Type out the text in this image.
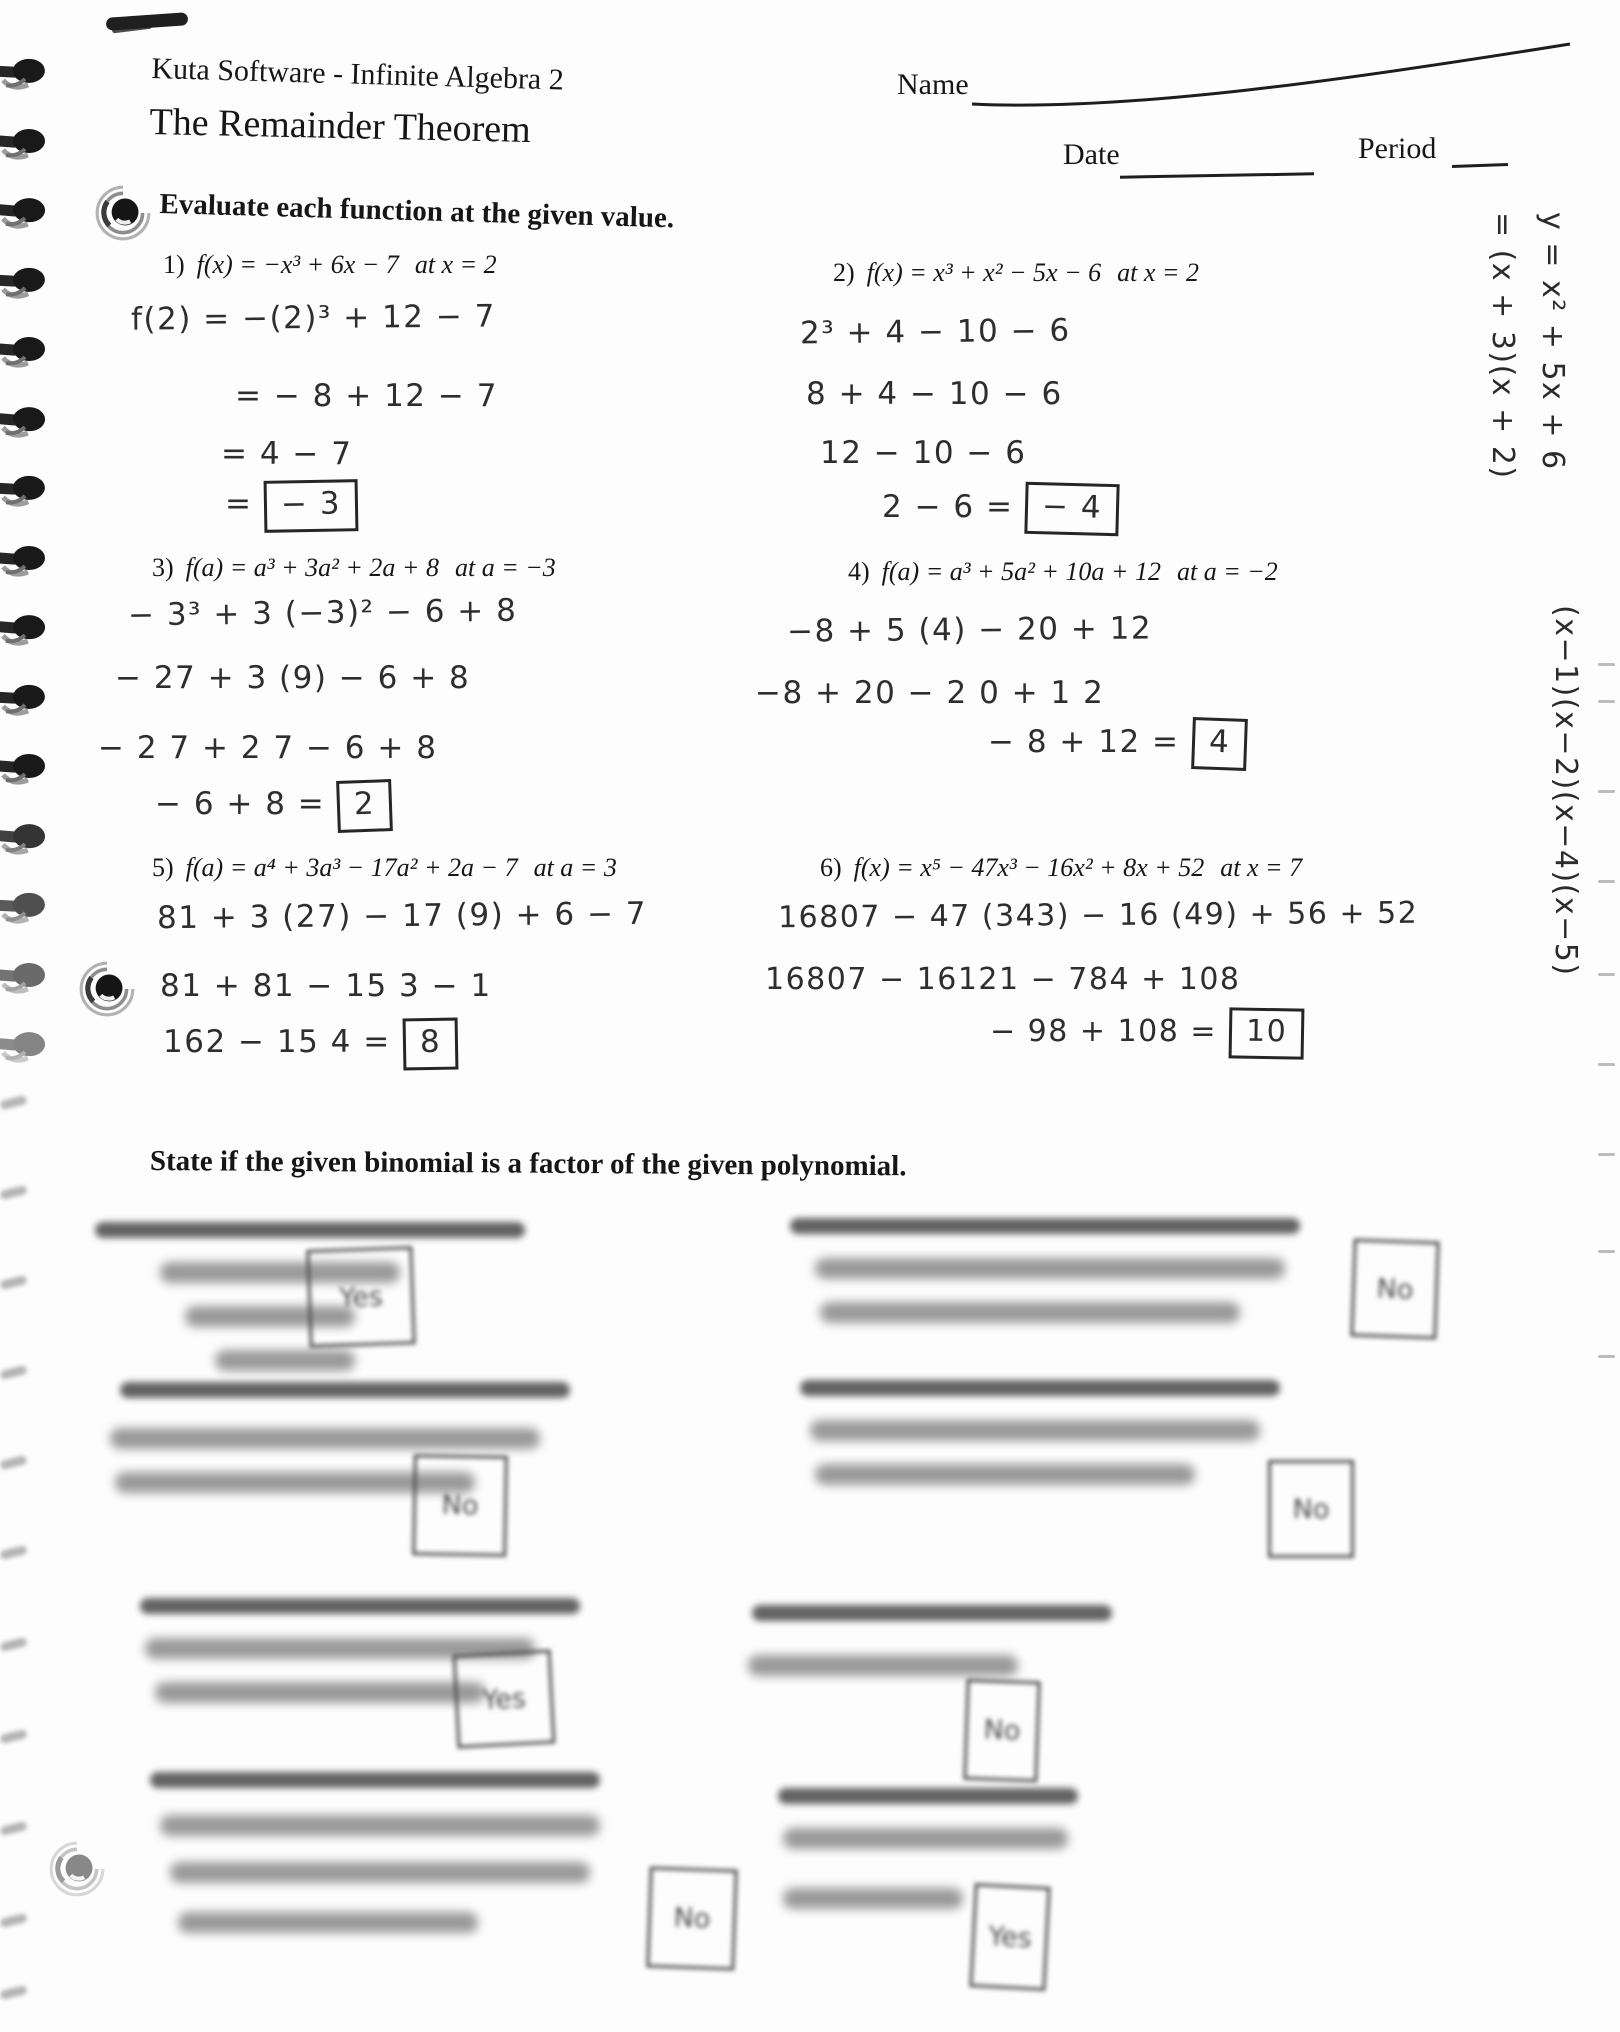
Kuta Software - Infinite Algebra 2
The Remainder Theorem
Name
Date	Period
Evaluate each function at the given value.
1) f(x) = −x³ + 6x − 7 at x = 2
f(2) = −(2)³ + 12 − 7
= − 8 + 12 − 7
= 4 − 7
= − 3
2) f(x) = x³ + x² − 5x − 6 at x = 2
2³ + 4 − 10 − 6
8 + 4 − 10 − 6
12 − 10 − 6
2 − 6 = − 4
3) f(a) = a³ + 3a² + 2a + 8 at a = −3
− 3³ + 3 (−3)² − 6 + 8
− 27 + 3 (9) − 6 + 8
− 2 7 + 2 7 − 6 + 8
− 6 + 8 = 2
4) f(a) = a³ + 5a² + 10a + 12 at a = −2
−8 + 5 (4) − 20 + 12
−8 + 20 − 2 0 + 1 2
− 8 + 12 = 4
5) f(a) = a⁴ + 3a³ − 17a² + 2a − 7 at a = 3
81 + 3 (27) − 17 (9) + 6 − 7
81 + 81 − 15 3 − 1
162 − 15 4 = 8
6) f(x) = x⁵ − 47x³ − 16x² + 8x + 52 at x = 7
16807 − 47 (343) − 16 (49) + 56 + 52
16807 − 16121 − 784 + 108
− 98 + 108 = 10
y = x² + 5x + 6
= (x + 3)(x + 2)
(x−1)(x−2)(x−4)(x−5)
State if the given binomial is a factor of the given polynomial.
Yes
No
Yes
No
No
No
No
Yes
